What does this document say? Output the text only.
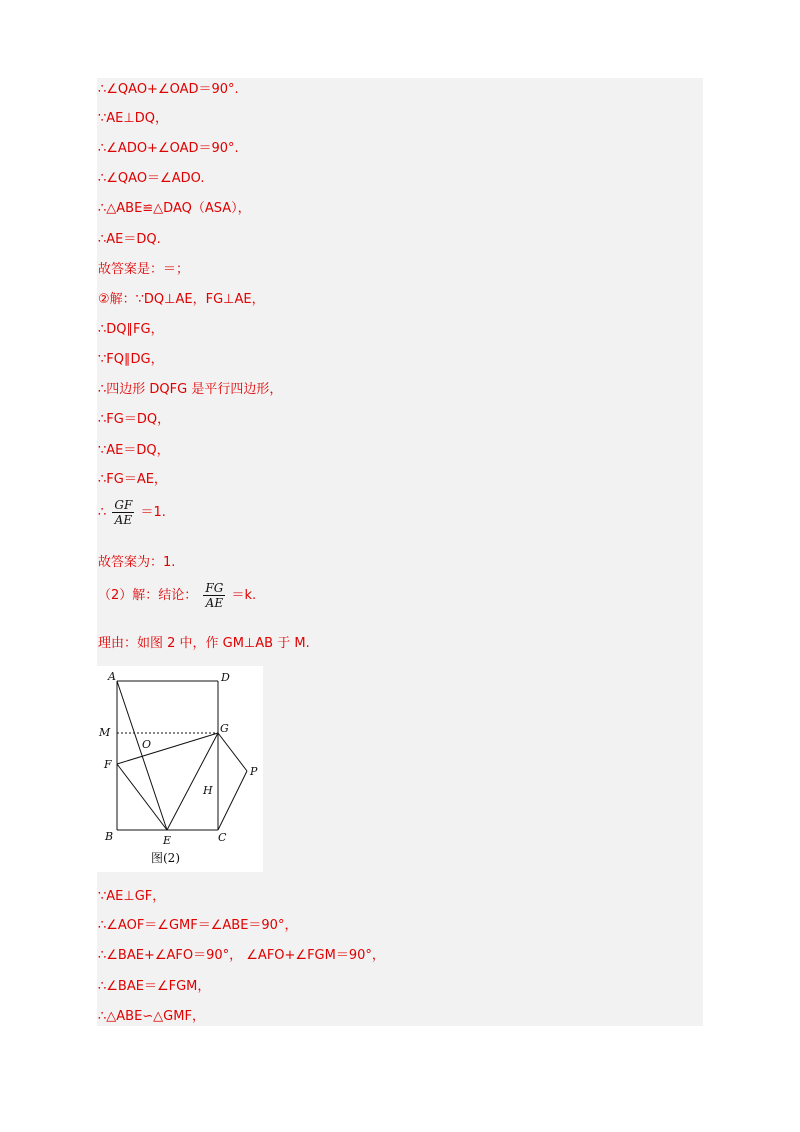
∴∠QAO+∠OAD＝90°.
∵AE⊥DQ，
∴∠ADO+∠OAD＝90°.
∴∠QAO＝∠ADO.
∴△ABE≌△DAQ（ASA），
∴AE＝DQ.
故答案是：＝；
②解：∵DQ⊥AE，FG⊥AE，
∴DQ∥FG，
∵FQ∥DG，
∴四边形 DQFG 是平行四边形，
∴FG＝DQ，
∵AE＝DQ，
∴FG＝AE，
∴ $\frac{GF}{AE} =1$.
故答案为：1.
（2）解：结论： $\frac{FG}{AE} =k$.
理由：如图 2 中，作 GM⊥AB 于 M.
A	D
M	G
O
F
P
H
B	E	C
图(2)
∵AE⊥GF，
∴∠AOF＝∠GMF＝∠ABE＝90°，
∴∠BAE+∠AFO＝90°， ∠AFO+∠FGM＝90°，
∴∠BAE＝∠FGM，
∴△ABE∽△GMF，
